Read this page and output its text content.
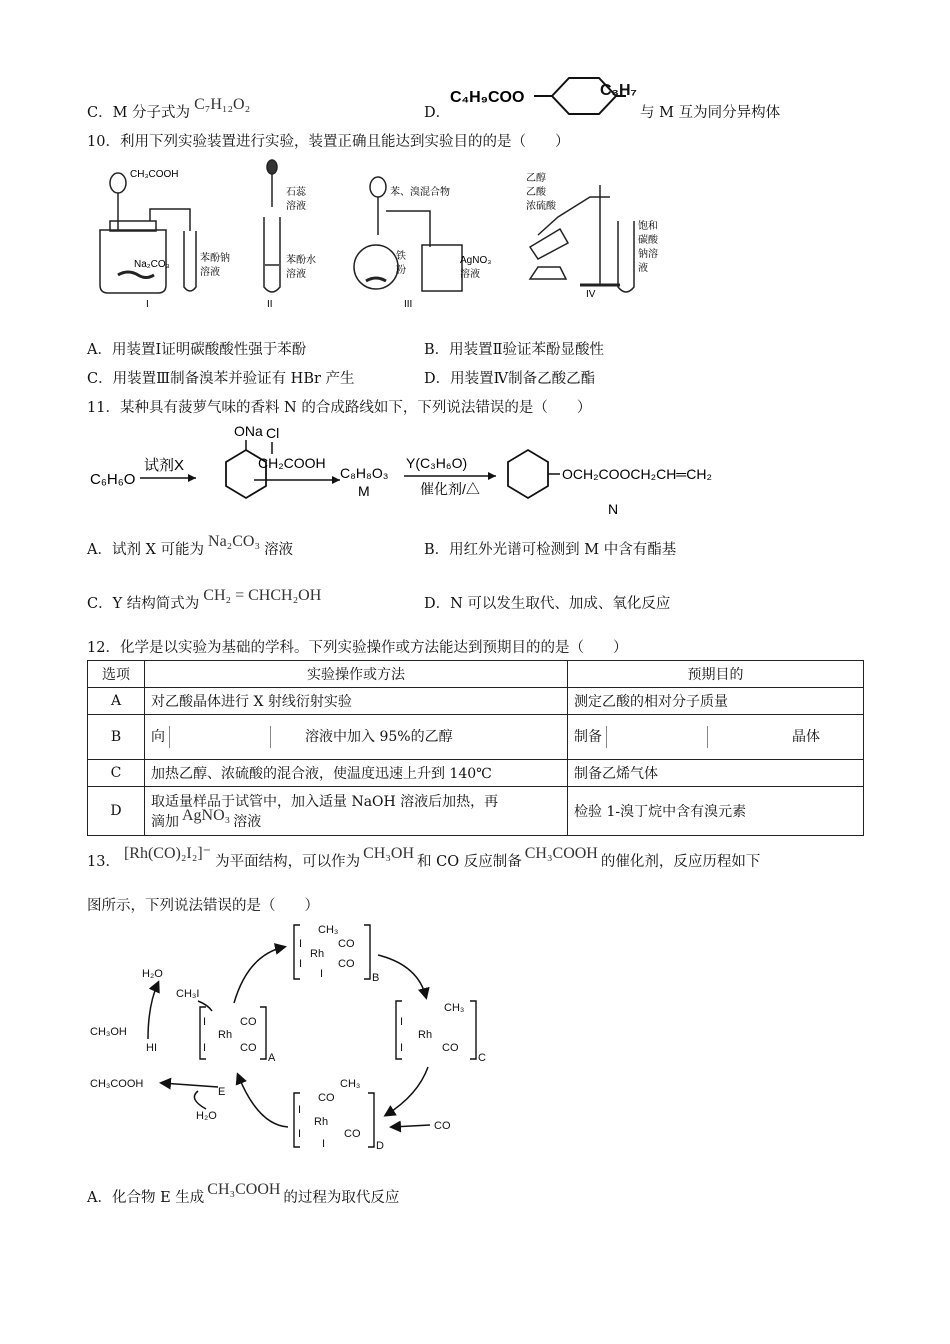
C．M 分子式为 C₇H₁₂O₂	D．
C₄H₉COO	C₃H₇
与 M 互为同分异构体
10．利用下列实验装置进行实验，装置正确且能达到实验目的的是（　　）
CH₃COOH
Na₂CO₃
苯酚钠
溶液
I
石蕊
溶液
苯酚水
溶液
II
苯、溴混合物
铁
粉
AgNO₃
溶液
III
乙醇
乙酸
浓硫酸
饱和
碳酸
钠溶
液
IV
A．用装置Ⅰ证明碳酸酸性强于苯酚	B．用装置Ⅱ验证苯酚显酸性
C．用装置Ⅲ制备溴苯并验证有 HBr 产生	D．用装置Ⅳ制备乙酸乙酯
11．某种具有菠萝气味的香料 N 的合成路线如下，下列说法错误的是（　　）
C₆H₆O
试剂X
ONa Cl
CH₂COOH
C₈H₈O₃
M
Y(C₃H₆O)
催化剂/△
OCH₂COOCH₂CH═CH₂
N
A．试剂 X 可能为 Na₂CO₃ 溶液	B．用红外光谱可检测到 M 中含有酯基
C．Y 结构简式为 CH₂ = CHCH₂OH	D．N 可以发生取代、加成、氧化反应
12．化学是以实验为基础的学科。下列实验操作或方法能达到预期目的的是（　　）
选项	实验操作或方法	预期目的
A	对乙酸晶体进行 X 射线衍射实验	测定乙酸的相对分子质量
B	向 溶液中加入 95%的乙醇	制备 晶体
C	加热乙醇、浓硫酸的混合液，使温度迅速上升到 140℃	制备乙烯气体
D	取适量样品于试管中，加入适量 NaOH 溶液后加热，再
滴加 AgNO₃ 溶液	检验 1-溴丁烷中含有溴元素
13． [Rh(CO)₂I₂]⁻ 为平面结构，可以作为 CH₃OH 和 CO 反应制备 CH₃COOH 的催化剂，反应历程如下
图所示，下列说法错误的是（　　）
Rh
CH₃
CO
CO
I
I
I	B
Rh
I
I
CO
CO
A
Rh
CH₃
I
I	CO
C
Rh
CH₃
CO
CO
I
I
I	D
H₂O
CH₃I
CH₃OH
HI
CH₃COOH
E
H₂O
CO
A．化合物 E 生成 CH₃COOH 的过程为取代反应
